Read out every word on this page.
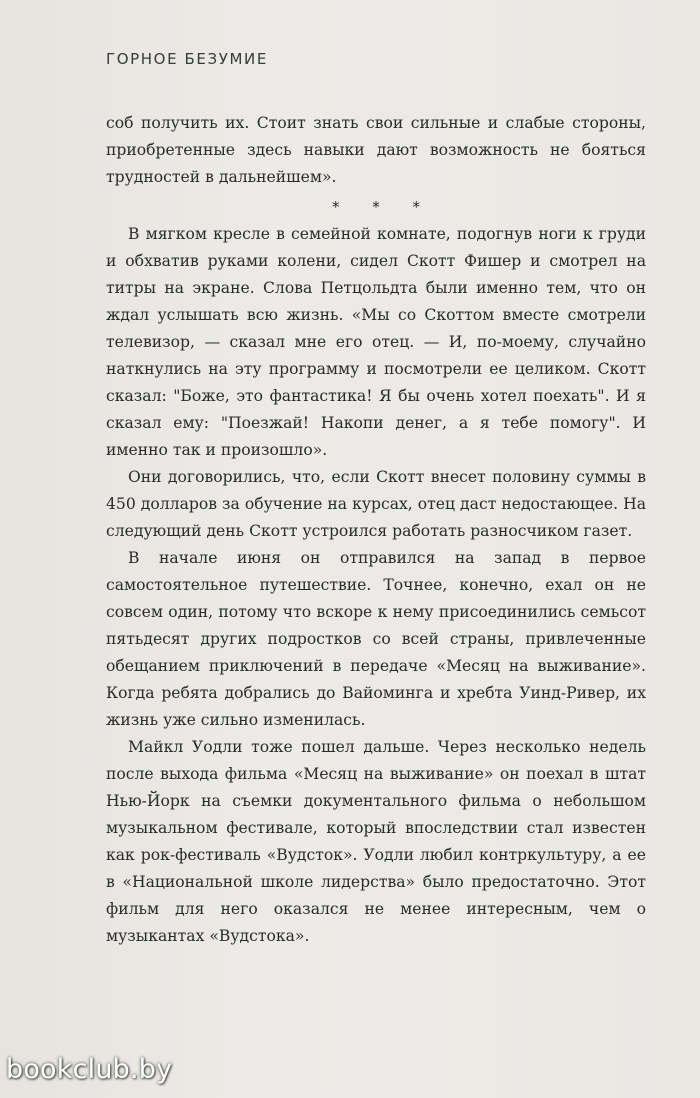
ГОРНОЕ БЕЗУМИЕ

соб получить их. Стоит знать свои сильные и слабые стороны, приобретенные здесь навыки дают возможность не бояться трудностей в дальнейшем».

* * *

В мягком кресле в семейной комнате, подогнув ноги к груди и обхватив руками колени, сидел Скотт Фишер и смотрел на титры на экране. Слова Петцольдта были именно тем, что он ждал услышать всю жизнь. «Мы со Скоттом вместе смотрели телевизор, — сказал мне его отец. — И, по-моему, случайно наткнулись на эту программу и посмотрели ее целиком. Скотт сказал: "Боже, это фантастика! Я бы очень хотел поехать". И я сказал ему: "Поезжай! Накопи денег, а я тебе помогу". И именно так и произошло».

Они договорились, что, если Скотт внесет половину суммы в 450 долларов за обучение на курсах, отец даст недостающее. На следующий день Скотт устроился работать разносчиком газет.

В начале июня он отправился на запад в первое самостоятельное путешествие. Точнее, конечно, ехал он не совсем один, потому что вскоре к нему присоединились семьсот пятьдесят других подростков со всей страны, привлеченные обещанием приключений в передаче «Месяц на выживание». Когда ребята добрались до Вайоминга и хребта Уинд-Ривер, их жизнь уже сильно изменилась.

Майкл Уодли тоже пошел дальше. Через несколько недель после выхода фильма «Месяц на выживание» он поехал в штат Нью-Йорк на съемки документального фильма о небольшом музыкальном фестивале, который впоследствии стал известен как рок-фестиваль «Вудсток». Уодли любил контркультуру, а ее в «Национальной школе лидерства» было предостаточно. Этот фильм для него оказался не менее интересным, чем о музыкантах «Вудстока».

bookclub.by
